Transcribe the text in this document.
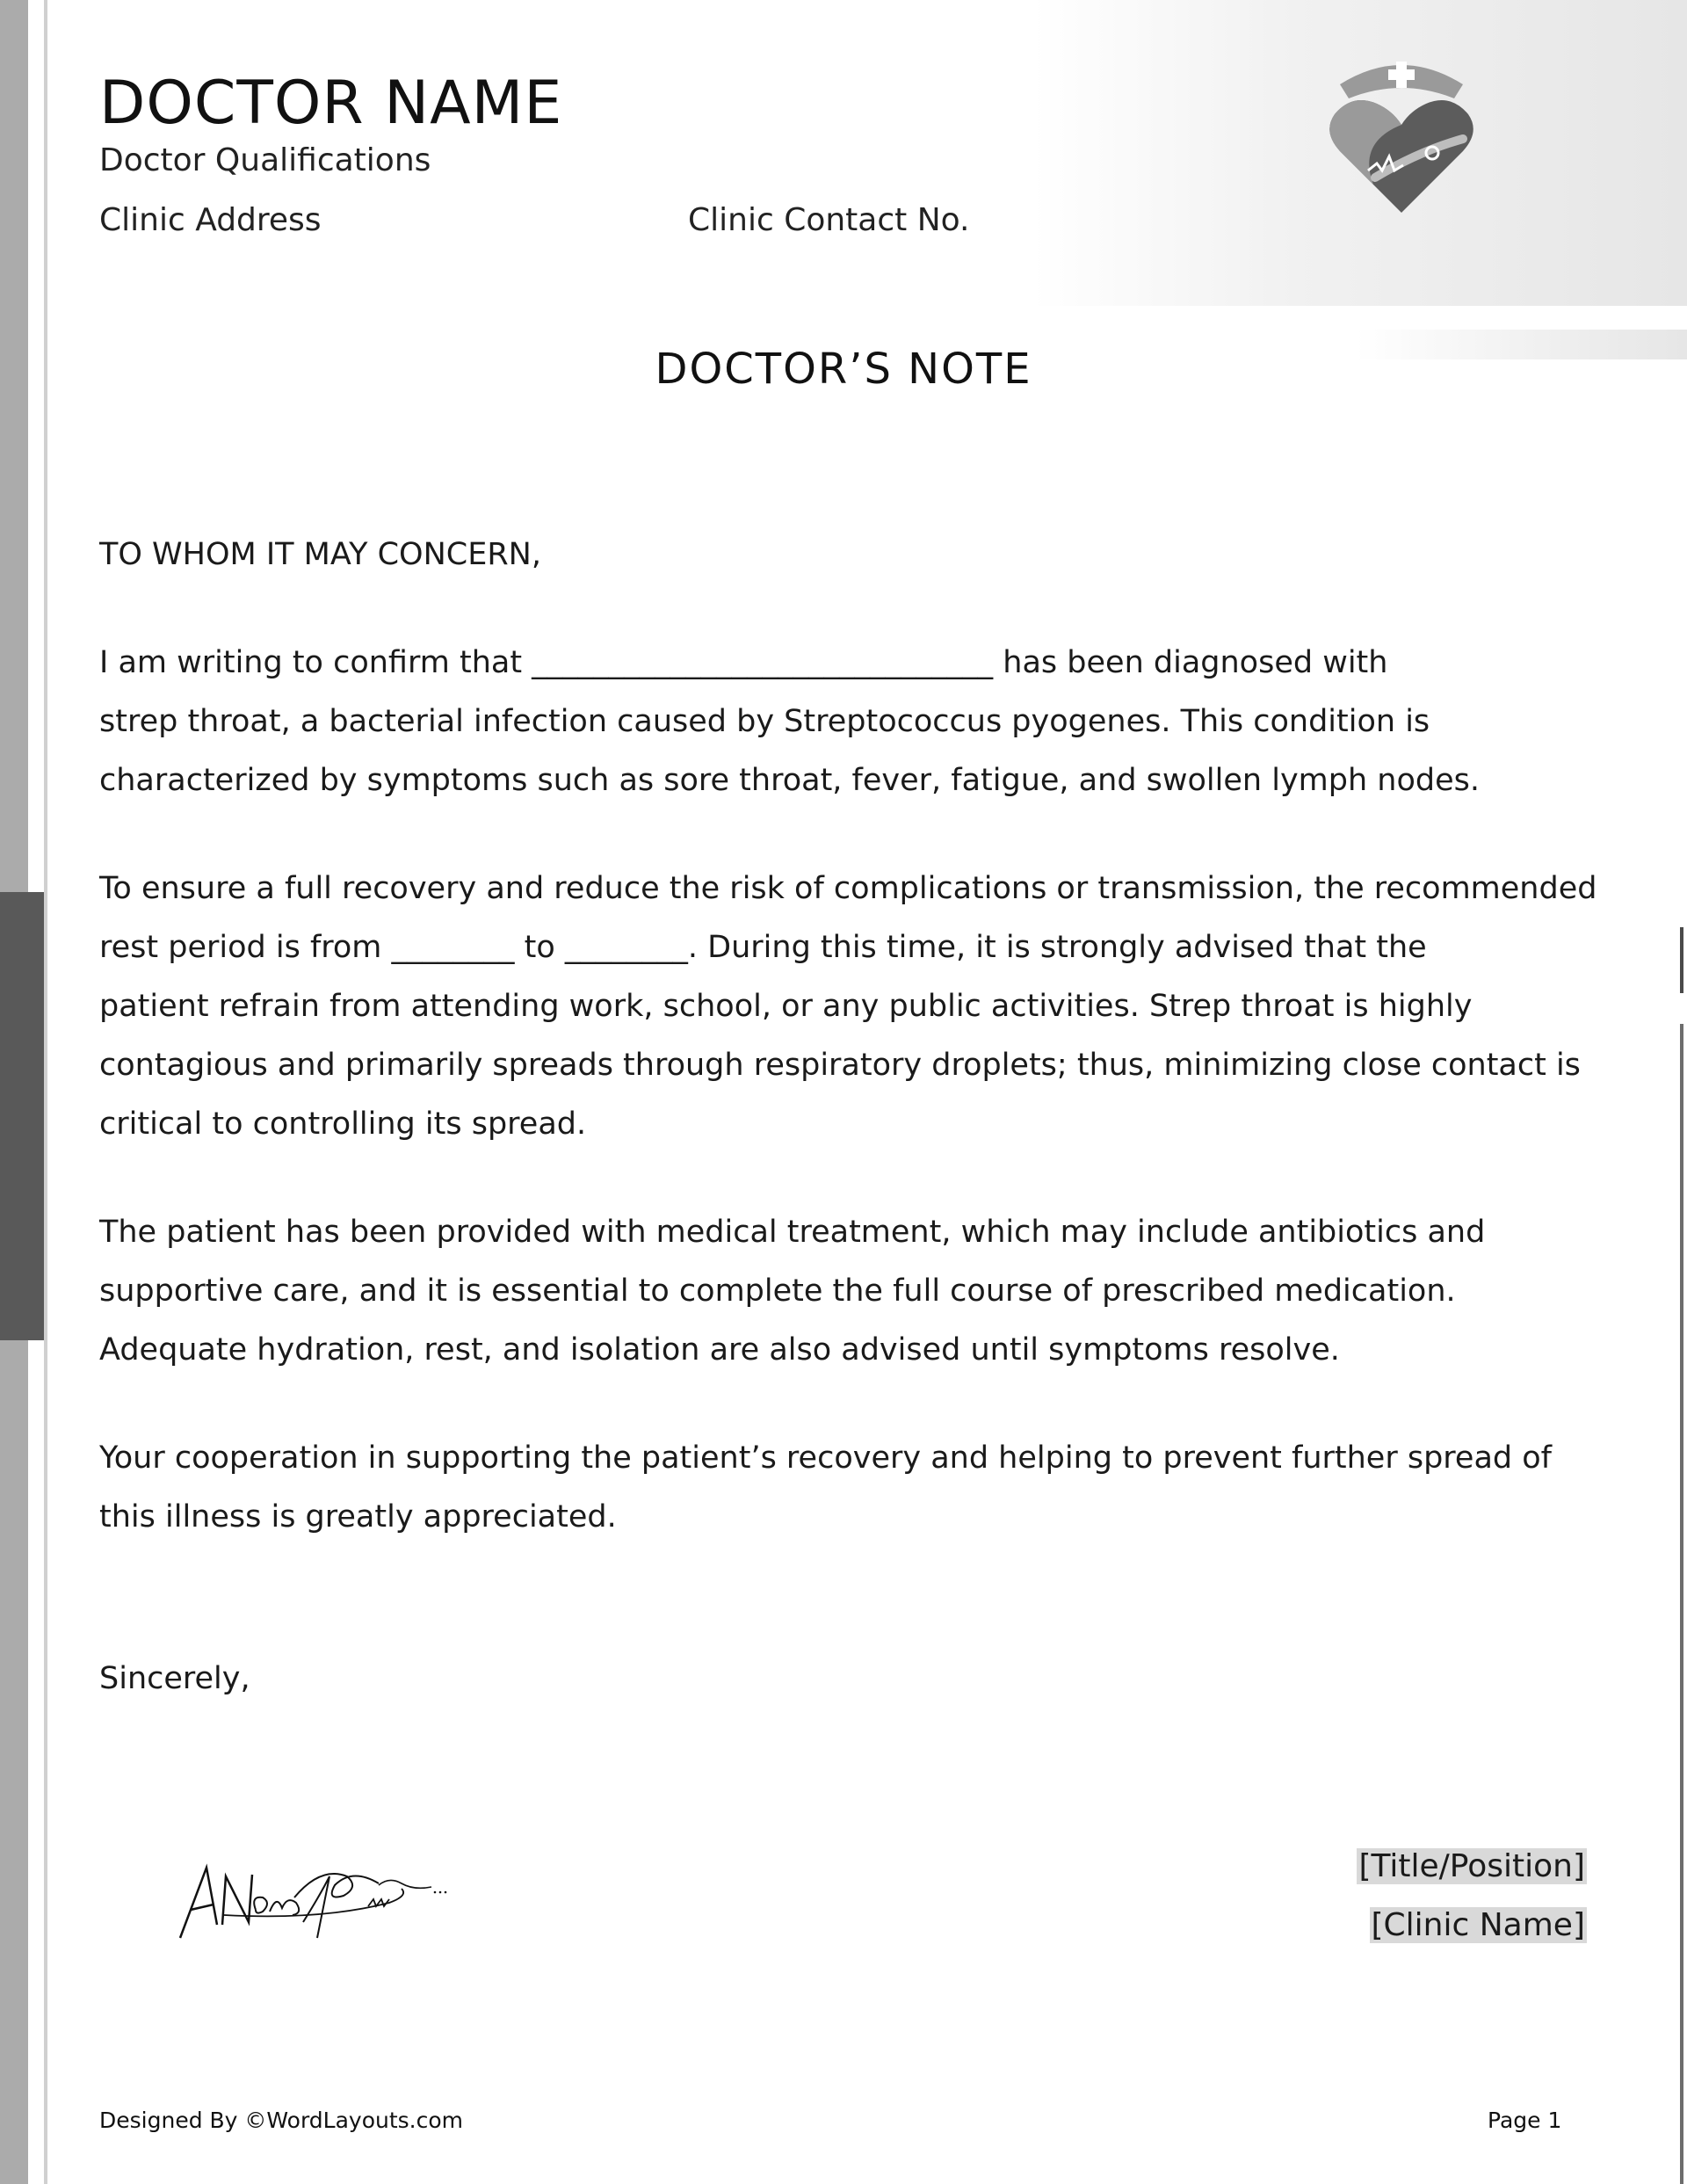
DOCTOR NAME
Doctor Qualifications
Clinic Address	Clinic Contact No.
DOCTOR’S NOTE

TO WHOM IT MAY CONCERN,

I am writing to confirm that ______________________________ has been diagnosed with
strep throat, a bacterial infection caused by Streptococcus pyogenes. This condition is
characterized by symptoms such as sore throat, fever, fatigue, and swollen lymph nodes.

To ensure a full recovery and reduce the risk of complications or transmission, the recommended
rest period is from ________ to ________. During this time, it is strongly advised that the
patient refrain from attending work, school, or any public activities. Strep throat is highly
contagious and primarily spreads through respiratory droplets; thus, minimizing close contact is
critical to controlling its spread.

The patient has been provided with medical treatment, which may include antibiotics and
supportive care, and it is essential to complete the full course of prescribed medication.
Adequate hydration, rest, and isolation are also advised until symptoms resolve.

Your cooperation in supporting the patient’s recovery and helping to prevent further spread of
this illness is greatly appreciated.

Sincerely,
[Title/Position]
[Clinic Name]
Designed By ©WordLayouts.com	Page 1
